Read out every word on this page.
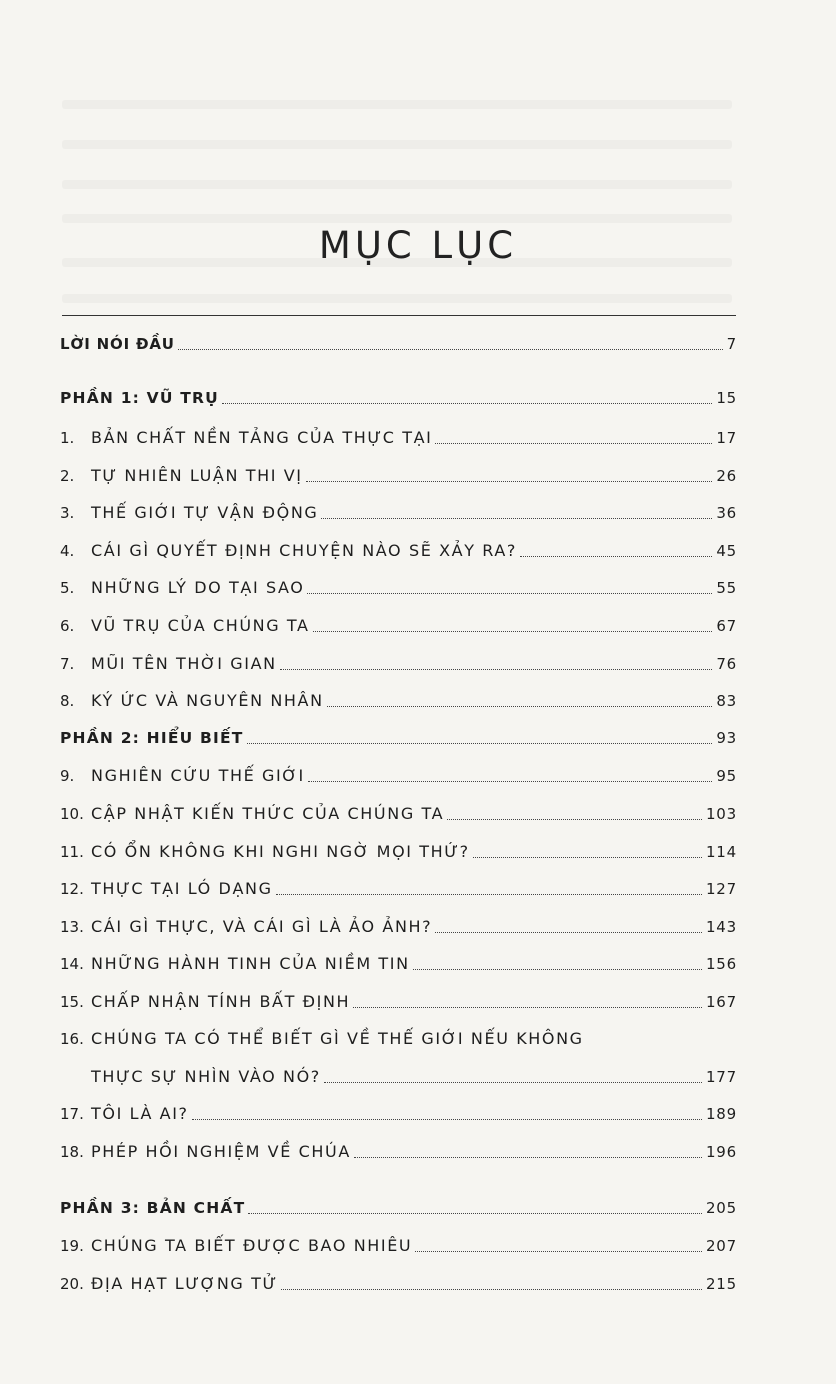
MỤC LỤC
LỜI NÓI ĐẦU	7
PHẦN 1: VŨ TRỤ	15
1.	BẢN CHẤT NỀN TẢNG CỦA THỰC TẠI	17
2.	TỰ NHIÊN LUẬN THI VỊ	26
3.	THẾ GIỚI TỰ VẬN ĐỘNG	36
4.	CÁI GÌ QUYẾT ĐỊNH CHUYỆN NÀO SẼ XẢY RA?	45
5.	NHỮNG LÝ DO TẠI SAO	55
6.	VŨ TRỤ CỦA CHÚNG TA	67
7.	MŨI TÊN THỜI GIAN	76
8.	KÝ ỨC VÀ NGUYÊN NHÂN	83
PHẦN 2: HIỂU BIẾT	93
9.	NGHIÊN CỨU THẾ GIỚI	95
10. CẬP NHẬT KIẾN THỨC CỦA CHÚNG TA	103
11. CÓ ỔN KHÔNG KHI NGHI NGỜ MỌI THỨ?	114
12. THỰC TẠI LÓ DẠNG	127
13. CÁI GÌ THỰC, VÀ CÁI GÌ LÀ ẢO ẢNH?	143
14. NHỮNG HÀNH TINH CỦA NIỀM TIN	156
15. CHẤP NHẬN TÍNH BẤT ĐỊNH	167
16. CHÚNG TA CÓ THỂ BIẾT GÌ VỀ THẾ GIỚI NẾU KHÔNG
THỰC SỰ NHÌN VÀO NÓ?	177
17. TÔI LÀ AI?	189
18. PHÉP HỒI NGHIỆM VỀ CHÚA	196
PHẦN 3: BẢN CHẤT	205
19. CHÚNG TA BIẾT ĐƯỢC BAO NHIÊU	207
20. ĐỊA HẠT LƯỢNG TỬ	215
